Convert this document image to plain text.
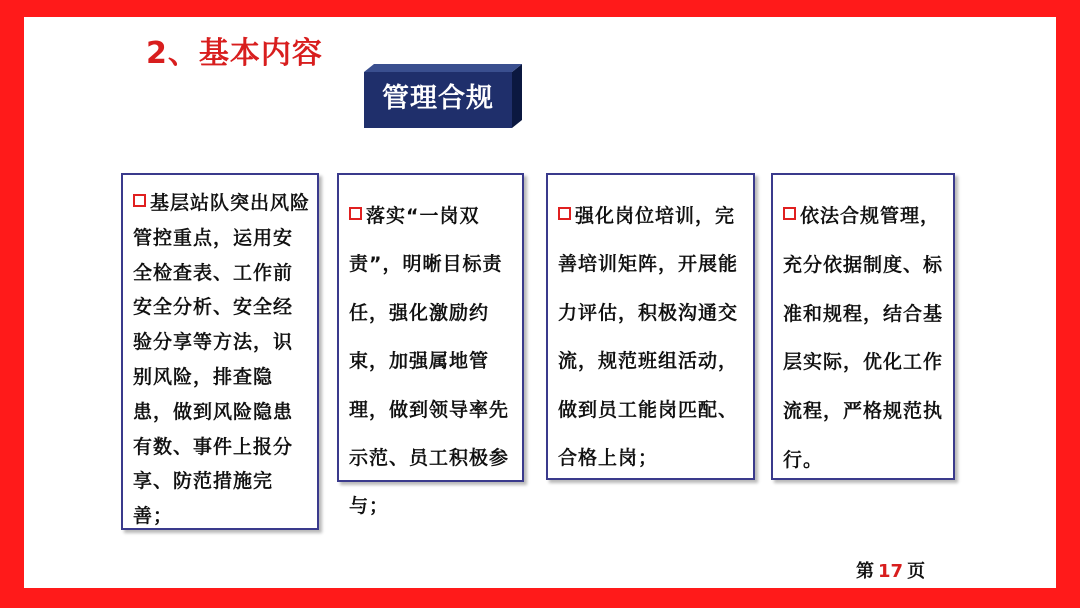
2、基本内容
管理合规
基层站队突出风险管控重点，运用安全检查表、工作前安全分析、安全经验分享等方法，识别风险，排查隐患，做到风险隐患有数、事件上报分享、防范措施完善；
落实“一岗双责”，明晰目标责任，强化激励约束，加强属地管理，做到领导率先示范、员工积极参与；
强化岗位培训，完善培训矩阵，开展能力评估，积极沟通交流，规范班组活动，做到员工能岗匹配、合格上岗；
依法合规管理，充分依据制度、标准和规程，结合基层实际，优化工作流程，严格规范执行。
第 17 页
